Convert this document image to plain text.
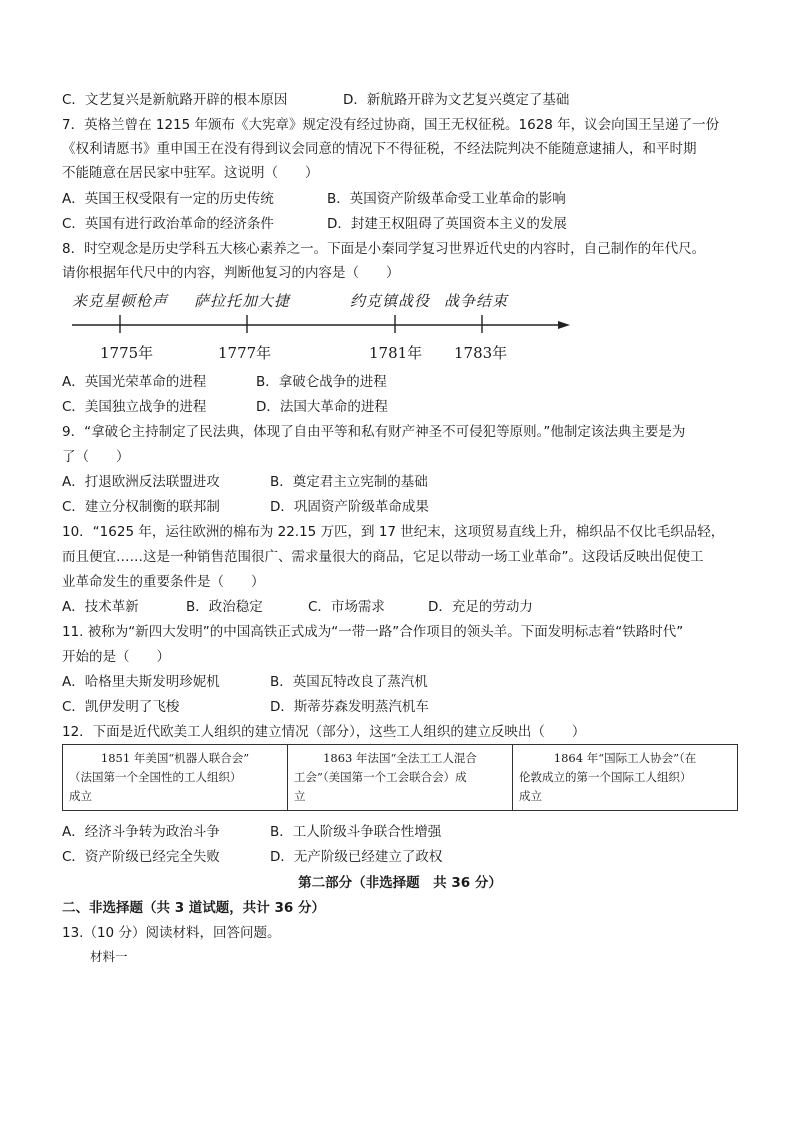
C．文艺复兴是新航路开辟的根本原因	D．新航路开辟为文艺复兴奠定了基础
7．英格兰曾在 1215 年颁布《大宪章》规定没有经过协商，国王无权征税。1628 年，议会向国王呈递了一份
《权利请愿书》重申国王在没有得到议会同意的情况下不得征税，不经法院判决不能随意逮捕人，和平时期
不能随意在居民家中驻军。这说明（　　）
A．英国王权受限有一定的历史传统	B．英国资产阶级革命受工业革命的影响
C．英国有进行政治革命的经济条件	D．封建王权阻碍了英国资本主义的发展
8．时空观念是历史学科五大核心素养之一。下面是小秦同学复习世界近代史的内容时，自己制作的年代尺。
请你根据年代尺中的内容，判断他复习的内容是（　　）
来克星顿枪声 萨拉托加大捷	约克镇战役 战争结束
1775年	1777年	1781年 1783年
A．英国光荣革命的进程	B．拿破仑战争的进程
C．美国独立战争的进程	D．法国大革命的进程
9．“拿破仑主持制定了民法典，体现了自由平等和私有财产神圣不可侵犯等原则。”他制定该法典主要是为
了（　　）
A．打退欧洲反法联盟进攻	B．奠定君主立宪制的基础
C．建立分权制衡的联邦制	D．巩固资产阶级革命成果
10．“1625 年，运往欧洲的棉布为 22.15 万匹，到 17 世纪末，这项贸易直线上升，棉织品不仅比毛织品轻，
而且便宜……这是一种销售范围很广、需求量很大的商品，它足以带动一场工业革命”。这段话反映出促使工
业革命发生的重要条件是（　　）
A．技术革新	B．政治稳定	C．市场需求	D．充足的劳动力
11. 被称为“新四大发明”的中国高铁正式成为“一带一路”合作项目的领头羊。下面发明标志着“铁路时代”
开始的是（　　）
A．哈格里夫斯发明珍妮机	B．英国瓦特改良了蒸汽机
C．凯伊发明了飞梭	D．斯蒂芬森发明蒸汽机车
12．下面是近代欧美工人组织的建立情况（部分），这些工人组织的建立反映出（　　）
1851 年美国“机器人联合会”
（法国第一个全国性的工人组织）
成立

1863 年法国“全法工工人混合
工会”（美国第一个工会联合会）成
立

1864 年“国际工人协会”（在
伦敦成立的第一个国际工人组织）
成立
A．经济斗争转为政治斗争	B．工人阶级斗争联合性增强
C．资产阶级已经完全失败	D．无产阶级已经建立了政权
第二部分（非选择题　共 36 分）
二、非选择题（共 3 道试题，共计 36 分）
13.（10 分）阅读材料，回答问题。
材料一
